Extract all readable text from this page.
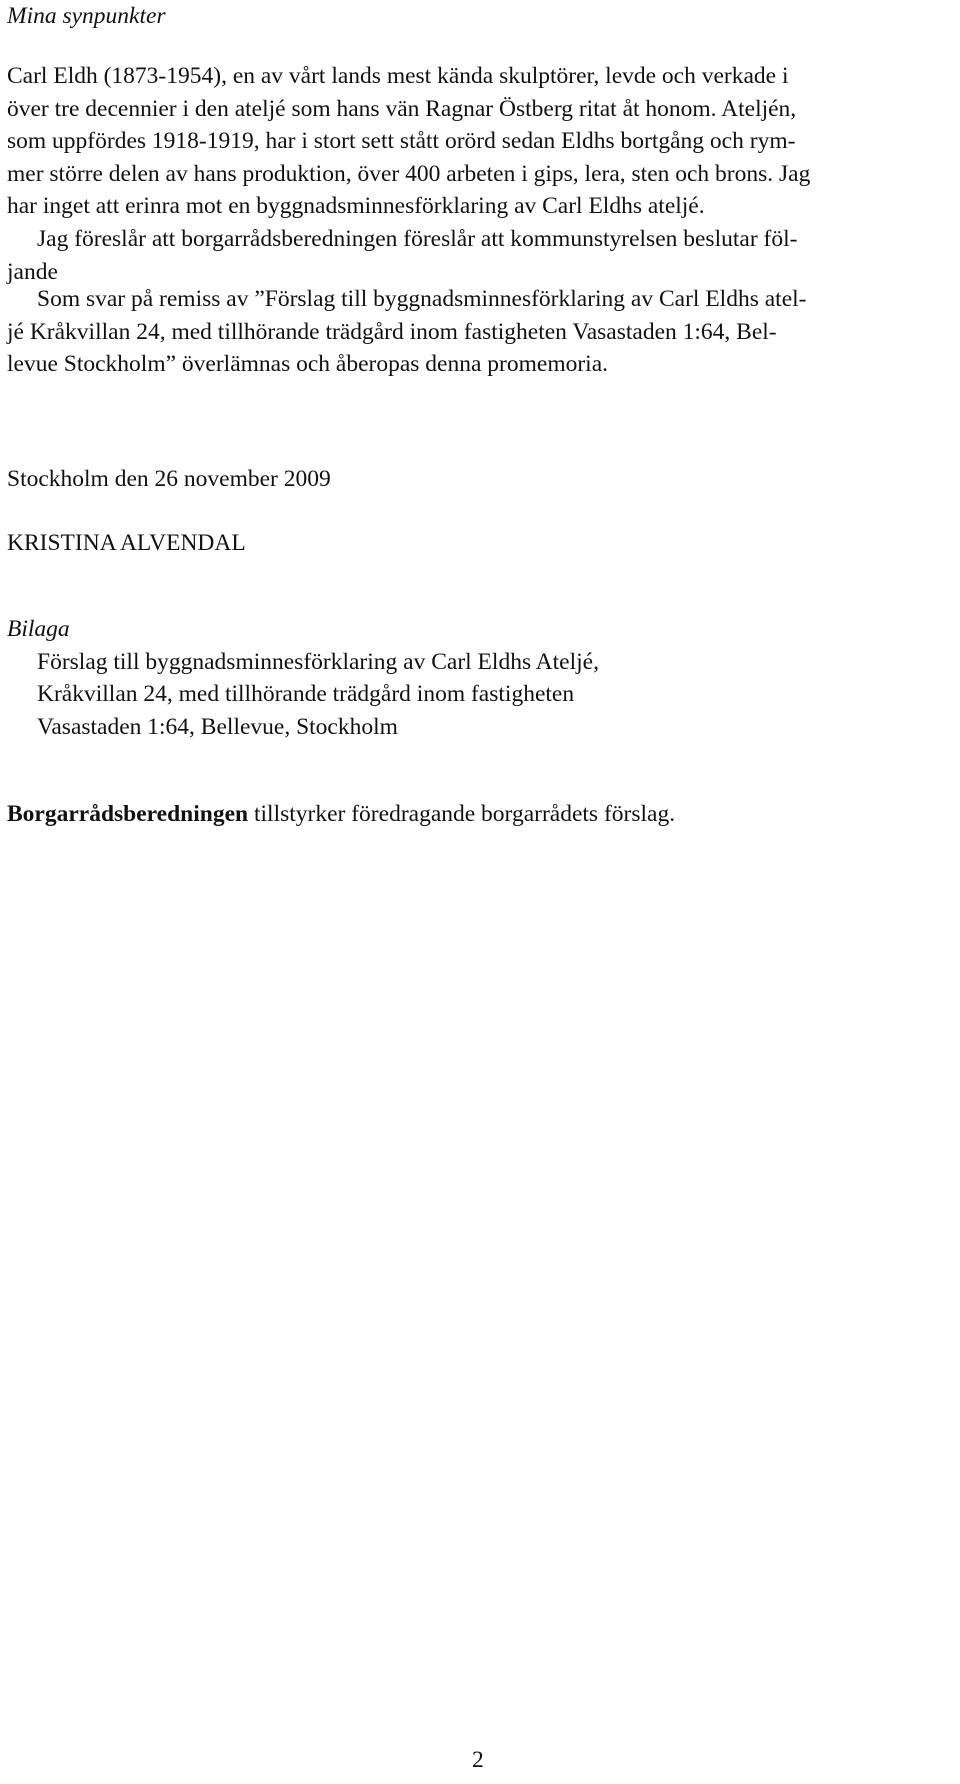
Mina synpunkter
Carl Eldh (1873-1954), en av vårt lands mest kända skulptörer, levde och verkade i
över tre decennier i den ateljé som hans vän Ragnar Östberg ritat åt honom. Ateljén,
som uppfördes 1918-1919, har i stort sett stått orörd sedan Eldhs bortgång och rym-
mer större delen av hans produktion, över 400 arbeten i gips, lera, sten och brons. Jag
har inget att erinra mot en byggnadsminnesförklaring av Carl Eldhs ateljé.
Jag föreslår att borgarrådsberedningen föreslår att kommunstyrelsen beslutar föl-
jande
Som svar på remiss av ”Förslag till byggnadsminnesförklaring av Carl Eldhs atel-
jé Kråkvillan 24, med tillhörande trädgård inom fastigheten Vasastaden 1:64, Bel-
levue Stockholm” överlämnas och åberopas denna promemoria.
Stockholm den 26 november 2009
KRISTINA ALVENDAL
Bilaga
Förslag till byggnadsminnesförklaring av Carl Eldhs Ateljé,
Kråkvillan 24, med tillhörande trädgård inom fastigheten
Vasastaden 1:64, Bellevue, Stockholm
Borgarrådsberedningen tillstyrker föredragande borgarrådets förslag.
2
